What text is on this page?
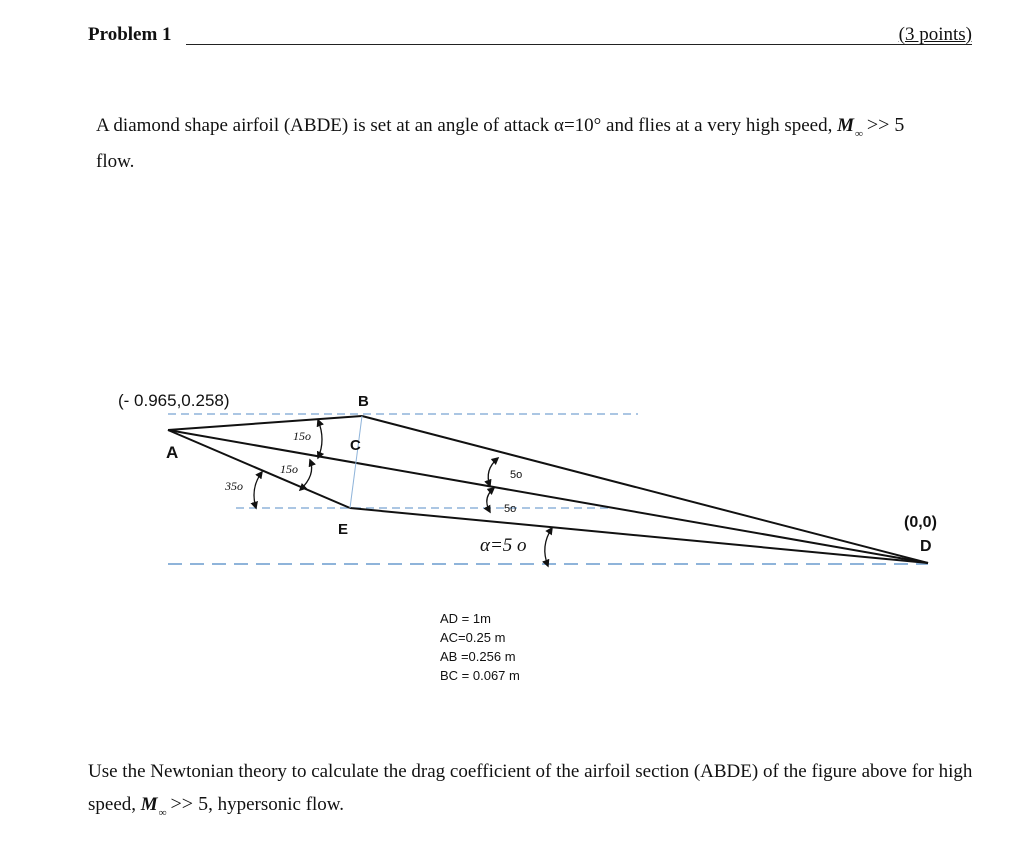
Problem 1	(3 points)
A diamond shape airfoil (ABDE) is set at an angle of attack α=10° and flies at a very high speed, $M_\infty >> 5$
flow.
(- 0.965,0.258)
A
B
C
E	(0,0)
D
15o
15o
35o
5o
5o
α=5 o
AD = 1m
AC=0.25 m
AB =0.256 m
BC = 0.067 m
Use the Newtonian theory to calculate the drag coefficient of the airfoil section (ABDE) of the figure above for high speed, $M_\infty >> 5$, hypersonic flow.
